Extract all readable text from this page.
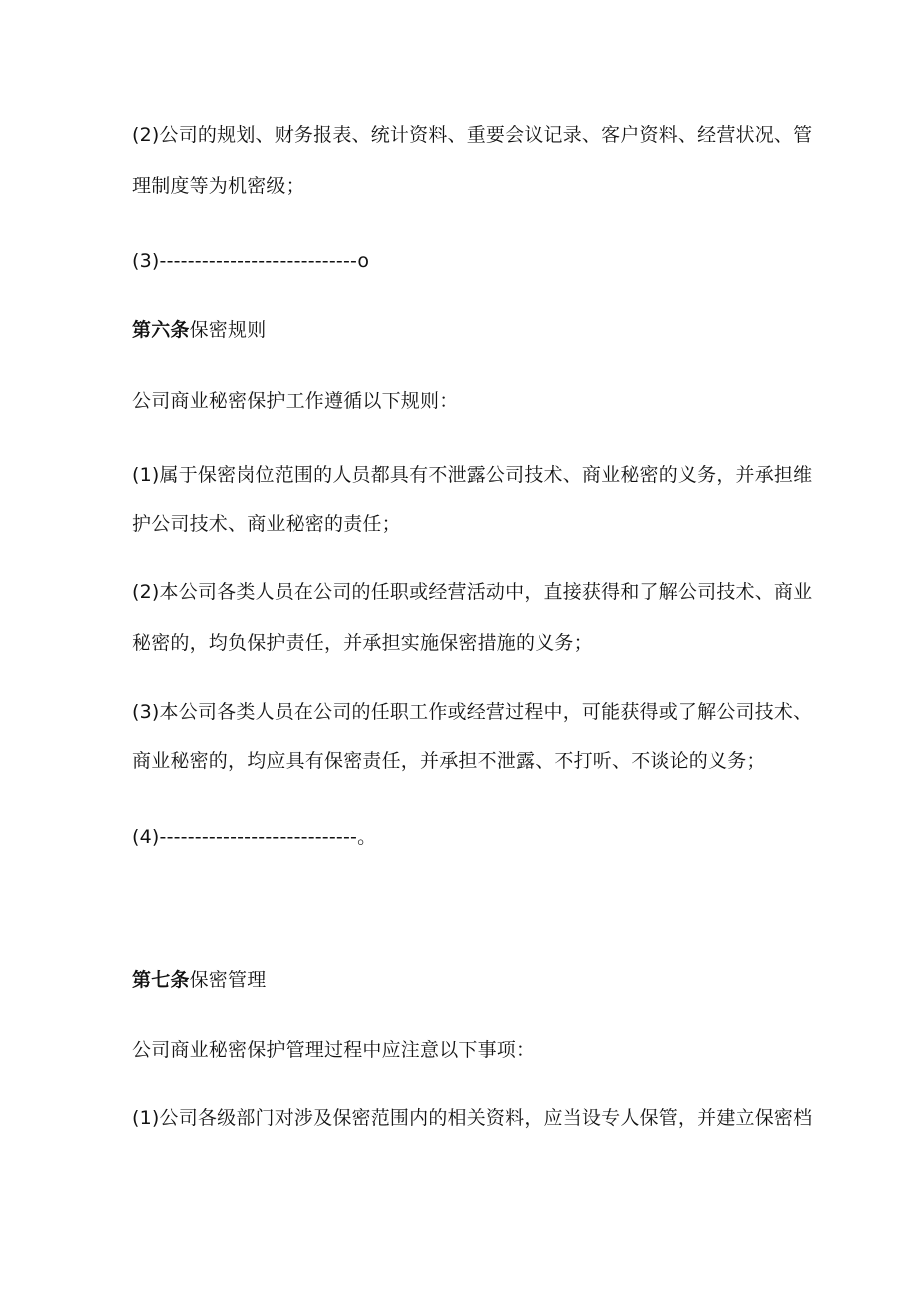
(2)公司的规划、财务报表、统计资料、重要会议记录、客户资料、经营状况、管
理制度等为机密级；
(3)----------------------------o
第六条保密规则
公司商业秘密保护工作遵循以下规则：
(1)属于保密岗位范围的人员都具有不泄露公司技术、商业秘密的义务，并承担维
护公司技术、商业秘密的责任；
(2)本公司各类人员在公司的任职或经营活动中，直接获得和了解公司技术、商业
秘密的，均负保护责任，并承担实施保密措施的义务；
(3)本公司各类人员在公司的任职工作或经营过程中，可能获得或了解公司技术、
商业秘密的，均应具有保密责任，并承担不泄露、不打听、不谈论的义务；
(4)----------------------------。
第七条保密管理
公司商业秘密保护管理过程中应注意以下事项：
(1)公司各级部门对涉及保密范围内的相关资料，应当设专人保管，并建立保密档
